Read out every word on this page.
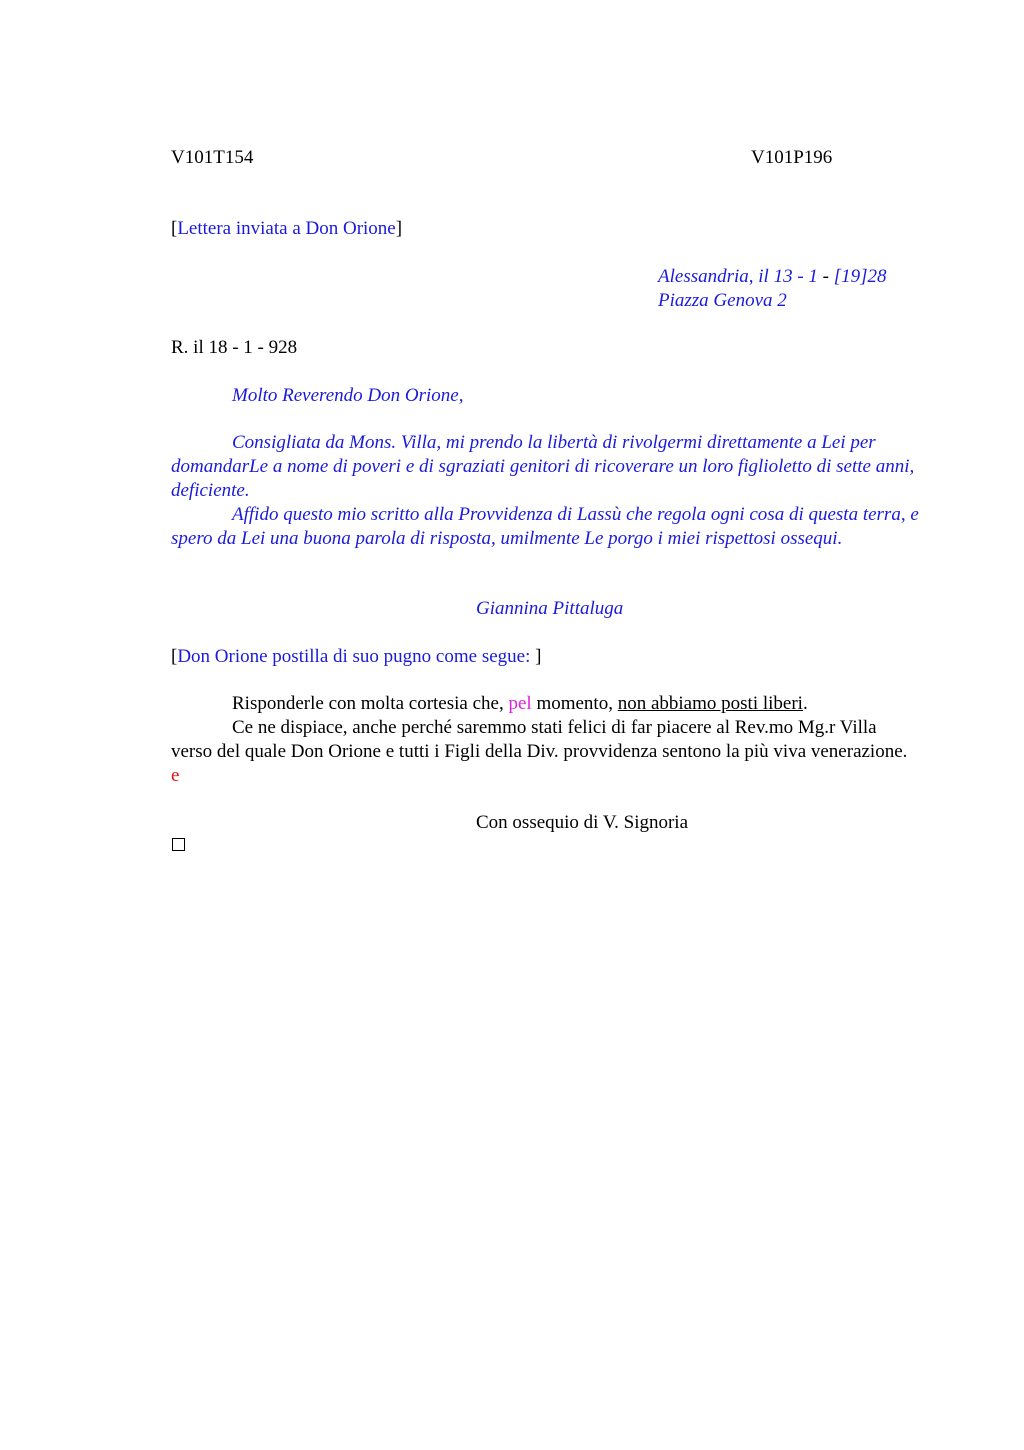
V101T154	V101P196
[Lettera inviata a Don Orione]
Alessandria, il 13 - 1 - [19]28
Piazza Genova 2
R. il 18 - 1 - 928
Molto Reverendo Don Orione,
Consigliata da Mons. Villa, mi prendo la libertà di rivolgermi direttamente a Lei per domandarLe a nome di poveri e di sgraziati genitori di ricoverare un loro figlioletto di sette anni, deficiente.
Affido questo mio scritto alla Provvidenza di Lassù che regola ogni cosa di questa terra, e spero da Lei una buona parola di risposta, umilmente Le porgo i miei rispettosi ossequi.
Giannina Pittaluga
[Don Orione postilla di suo pugno come segue: ]
Risponderle con molta cortesia che, pel momento, non abbiamo posti liberi.
Ce ne dispiace, anche perché saremmo stati felici di far piacere al Rev.mo Mg.r Villa verso del quale Don Orione e tutti i Figli della Div. provvidenza sentono la più viva venerazione. e
Con ossequio di V. Signoria
